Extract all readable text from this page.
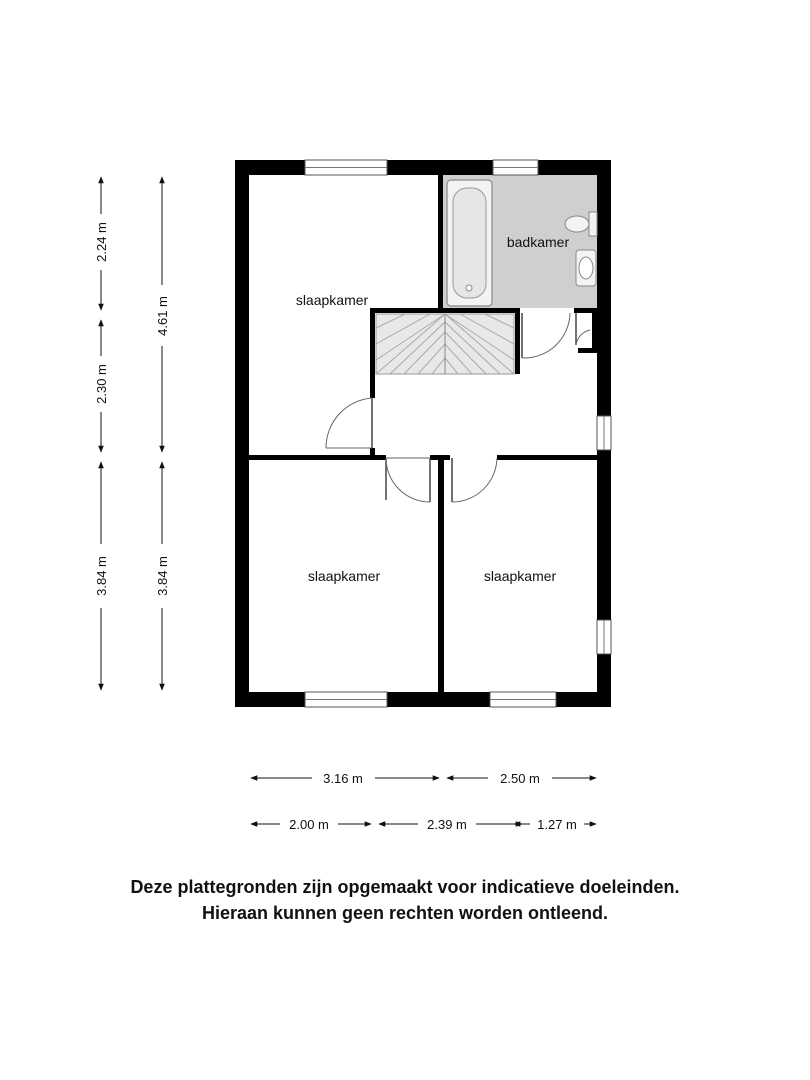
slaapkamer
badkamer
slaapkamer	slaapkamer
2.24 m
2.30 m
3.84 m
4.61 m
3.84 m
3.16 m	2.50 m
2.00 m	2.39 m	1.27 m
Deze plattegronden zijn opgemaakt voor indicatieve doeleinden.
Hieraan kunnen geen rechten worden ontleend.
